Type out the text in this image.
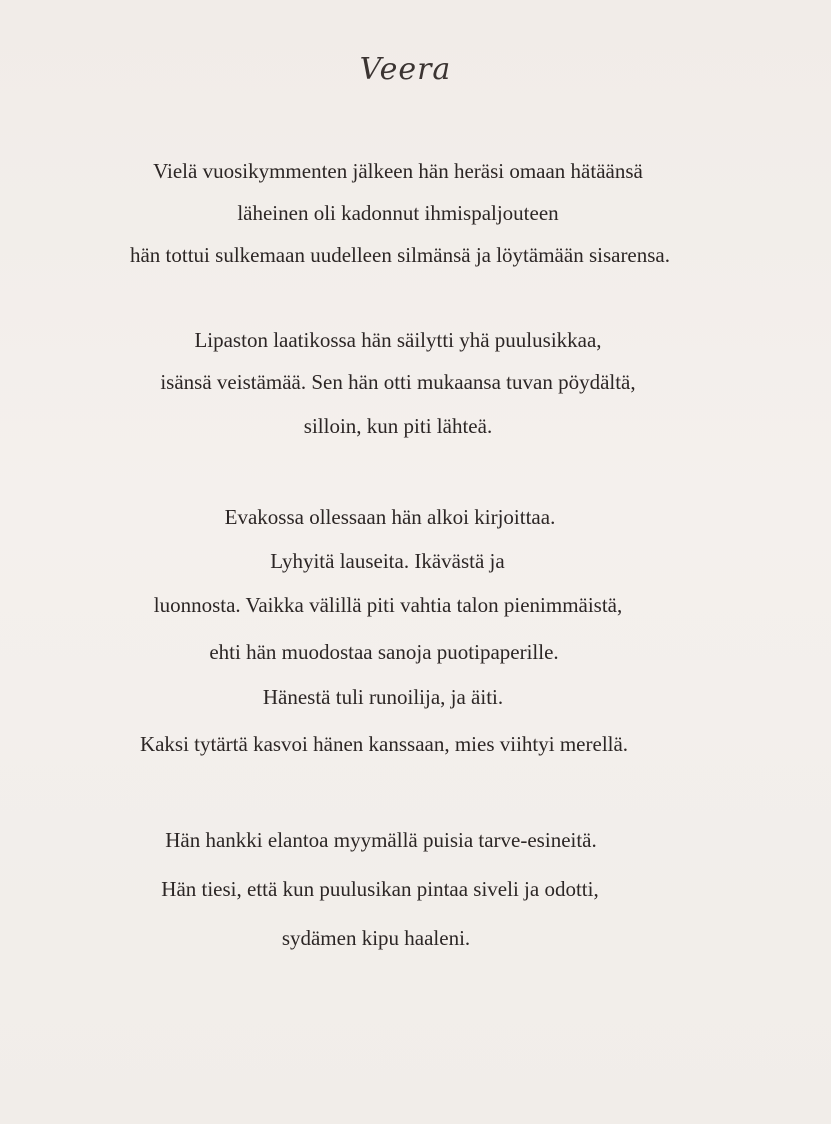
Veera
Vielä vuosikymmenten jälkeen hän heräsi omaan hätäänsä
läheinen oli kadonnut ihmispaljouteen
hän tottui sulkemaan uudelleen silmänsä ja löytämään sisarensa.
Lipaston laatikossa hän säilytti yhä puulusikkaa,
isänsä veistämää. Sen hän otti mukaansa tuvan pöydältä,
silloin, kun piti lähteä.
Evakossa ollessaan hän alkoi kirjoittaa.
Lyhyitä lauseita. Ikävästä ja
luonnosta. Vaikka välillä piti vahtia talon pienimmäistä,
ehti hän muodostaa sanoja puotipaperille.
Hänestä tuli runoilija, ja äiti.
Kaksi tytärtä kasvoi hänen kanssaan, mies viihtyi merellä.
Hän hankki elantoa myymällä puisia tarve-esineitä.
Hän tiesi, että kun puulusikan pintaa siveli ja odotti,
sydämen kipu haaleni.
